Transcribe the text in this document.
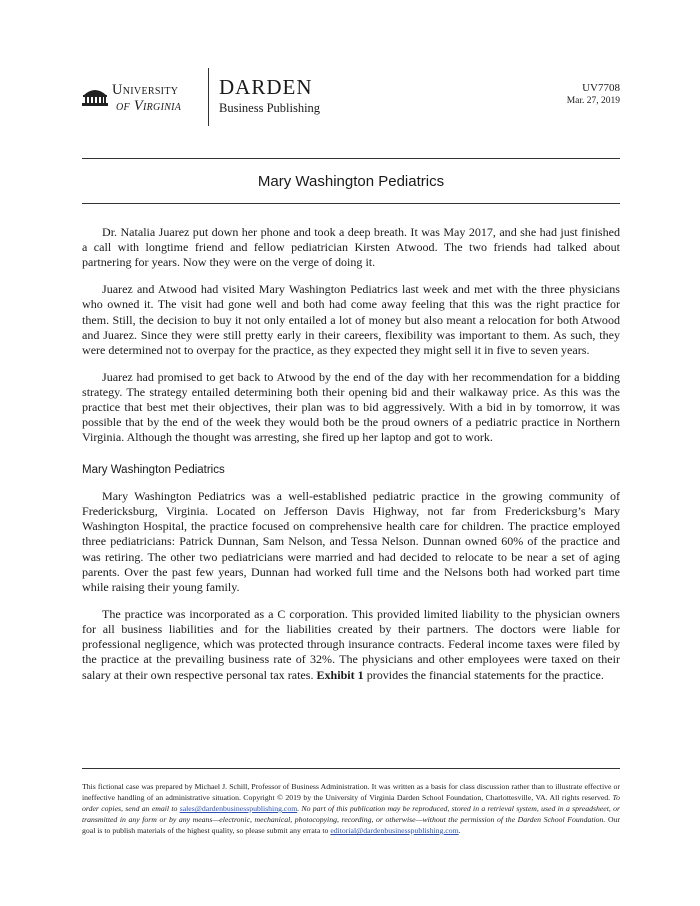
University
of Virginia
DARDEN
Business Publishing
UV7708
Mar. 27, 2019
Mary Washington Pediatrics

Dr. Natalia Juarez put down her phone and took a deep breath. It was May 2017, and she had just finished a call with longtime friend and fellow pediatrician Kirsten Atwood. The two friends had talked about partnering for years. Now they were on the verge of doing it.

Juarez and Atwood had visited Mary Washington Pediatrics last week and met with the three physicians who owned it. The visit had gone well and both had come away feeling that this was the right practice for them. Still, the decision to buy it not only entailed a lot of money but also meant a relocation for both Atwood and Juarez. Since they were still pretty early in their careers, flexibility was important to them. As such, they were determined not to overpay for the practice, as they expected they might sell it in five to seven years.

Juarez had promised to get back to Atwood by the end of the day with her recommendation for a bidding strategy. The strategy entailed determining both their opening bid and their walkaway price. As this was the practice that best met their objectives, their plan was to bid aggressively. With a bid in by tomorrow, it was possible that by the end of the week they would both be the proud owners of a pediatric practice in Northern Virginia. Although the thought was arresting, she fired up her laptop and got to work.

Mary Washington Pediatrics

Mary Washington Pediatrics was a well-established pediatric practice in the growing community of Fredericksburg, Virginia. Located on Jefferson Davis Highway, not far from Fredericksburg’s Mary Washington Hospital, the practice focused on comprehensive health care for children. The practice employed three pediatricians: Patrick Dunnan, Sam Nelson, and Tessa Nelson. Dunnan owned 60% of the practice and was retiring. The other two pediatricians were married and had decided to relocate to be near a set of aging parents. Over the past few years, Dunnan had worked full time and the Nelsons both had worked part time while raising their young family.

The practice was incorporated as a C corporation. This provided limited liability to the physician owners for all business liabilities and for the liabilities created by their partners. The doctors were liable for professional negligence, which was protected through insurance contracts. Federal income taxes were filed by the practice at the prevailing business rate of 32%. The physicians and other employees were taxed on their salary at their own respective personal tax rates. Exhibit 1 provides the financial statements for the practice.

This fictional case was prepared by Michael J. Schill, Professor of Business Administration. It was written as a basis for class discussion rather than to illustrate effective or ineffective handling of an administrative situation. Copyright © 2019 by the University of Virginia Darden School Foundation, Charlottesville, VA. All rights reserved. To order copies, send an email to sales@dardenbusinesspublishing.com. No part of this publication may be reproduced, stored in a retrieval system, used in a spreadsheet, or transmitted in any form or by any means—electronic, mechanical, photocopying, recording, or otherwise—without the permission of the Darden School Foundation. Our goal is to publish materials of the highest quality, so please submit any errata to editorial@dardenbusinesspublishing.com.
